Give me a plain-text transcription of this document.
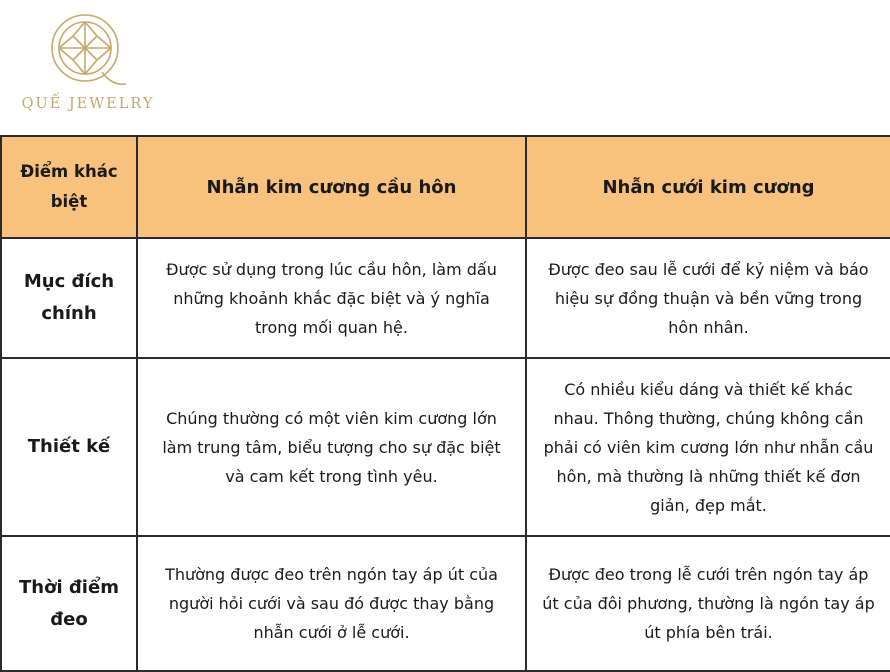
QUẾ JEWELRY
Điểm khác biệt	Nhẫn kim cương cầu hôn	Nhẫn cưới kim cương
Mục đích chính	Được sử dụng trong lúc cầu hôn, làm dấu những khoảnh khắc đặc biệt và ý nghĩa trong mối quan hệ.	Được đeo sau lễ cưới để kỷ niệm và báo hiệu sự đồng thuận và bền vững trong hôn nhân.
Thiết kế	Chúng thường có một viên kim cương lớn làm trung tâm, biểu tượng cho sự đặc biệt và cam kết trong tình yêu.	Có nhiều kiểu dáng và thiết kế khác nhau. Thông thường, chúng không cần phải có viên kim cương lớn như nhẫn cầu hôn, mà thường là những thiết kế đơn giản, đẹp mắt.
Thời điểm đeo	Thường được đeo trên ngón tay áp út của người hỏi cưới và sau đó được thay bằng nhẫn cưới ở lễ cưới.	Được đeo trong lễ cưới trên ngón tay áp út của đôi phương, thường là ngón tay áp út phía bên trái.
